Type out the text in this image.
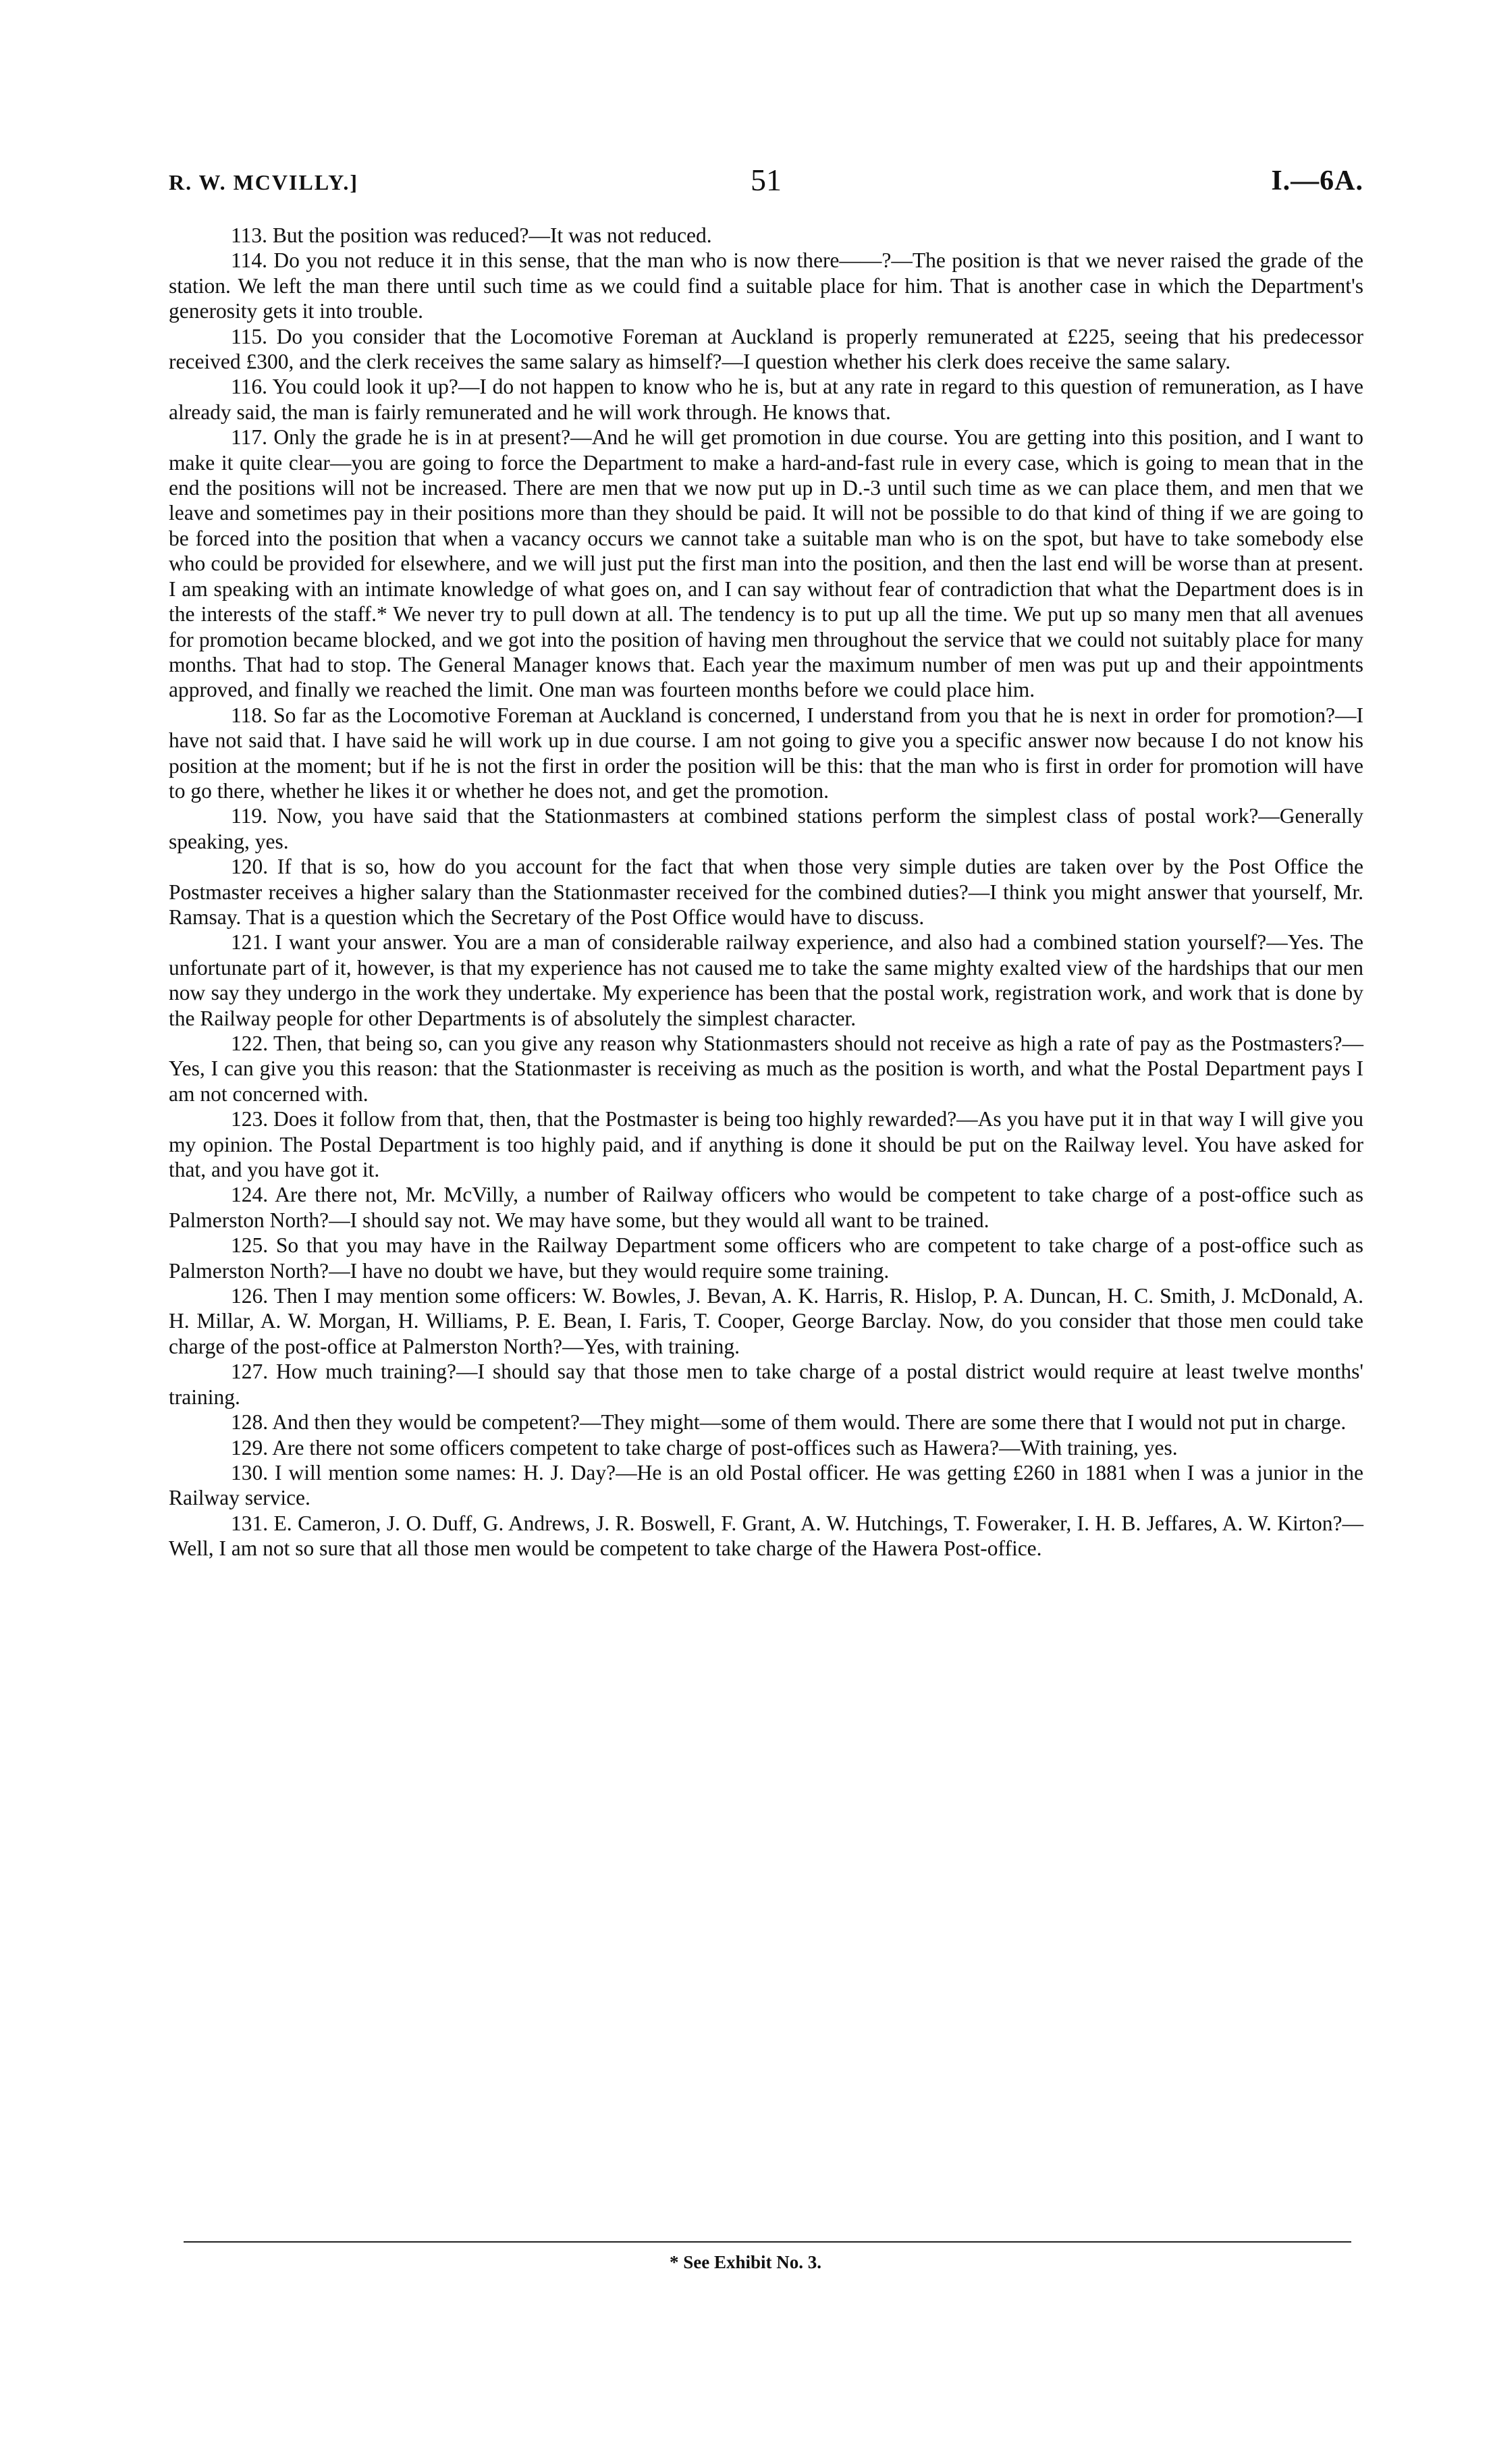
R. W. MCVILLY.]	51	I.—6A.

113. But the position was reduced?—It was not reduced.

114. Do you not reduce it in this sense, that the man who is now there——?—The position is that we never raised the grade of the station. We left the man there until such time as we could find a suitable place for him. That is another case in which the Department's generosity gets it into trouble.

115. Do you consider that the Locomotive Foreman at Auckland is properly remunerated at £225, seeing that his predecessor received £300, and the clerk receives the same salary as himself?—I question whether his clerk does receive the same salary.

116. You could look it up?—I do not happen to know who he is, but at any rate in regard to this question of remuneration, as I have already said, the man is fairly remunerated and he will work through. He knows that.

117. Only the grade he is in at present?—And he will get promotion in due course. You are getting into this position, and I want to make it quite clear—you are going to force the Department to make a hard-and-fast rule in every case, which is going to mean that in the end the positions will not be increased. There are men that we now put up in D.-3 until such time as we can place them, and men that we leave and sometimes pay in their positions more than they should be paid. It will not be possible to do that kind of thing if we are going to be forced into the position that when a vacancy occurs we cannot take a suitable man who is on the spot, but have to take somebody else who could be provided for elsewhere, and we will just put the first man into the position, and then the last end will be worse than at present. I am speaking with an intimate knowledge of what goes on, and I can say without fear of contradiction that what the Department does is in the interests of the staff.* We never try to pull down at all. The tendency is to put up all the time. We put up so many men that all avenues for promotion became blocked, and we got into the position of having men throughout the service that we could not suitably place for many months. That had to stop. The General Manager knows that. Each year the maximum number of men was put up and their appointments approved, and finally we reached the limit. One man was fourteen months before we could place him.

118. So far as the Locomotive Foreman at Auckland is concerned, I understand from you that he is next in order for promotion?—I have not said that. I have said he will work up in due course. I am not going to give you a specific answer now because I do not know his position at the moment; but if he is not the first in order the position will be this: that the man who is first in order for promotion will have to go there, whether he likes it or whether he does not, and get the promotion.

119. Now, you have said that the Stationmasters at combined stations perform the simplest class of postal work?—Generally speaking, yes.

120. If that is so, how do you account for the fact that when those very simple duties are taken over by the Post Office the Postmaster receives a higher salary than the Stationmaster received for the combined duties?—I think you might answer that yourself, Mr. Ramsay. That is a question which the Secretary of the Post Office would have to discuss.

121. I want your answer. You are a man of considerable railway experience, and also had a combined station yourself?—Yes. The unfortunate part of it, however, is that my experience has not caused me to take the same mighty exalted view of the hardships that our men now say they undergo in the work they undertake. My experience has been that the postal work, registration work, and work that is done by the Railway people for other Departments is of absolutely the simplest character.

122. Then, that being so, can you give any reason why Stationmasters should not receive as high a rate of pay as the Postmasters?—Yes, I can give you this reason: that the Stationmaster is receiving as much as the position is worth, and what the Postal Department pays I am not concerned with.

123. Does it follow from that, then, that the Postmaster is being too highly rewarded?—As you have put it in that way I will give you my opinion. The Postal Department is too highly paid, and if anything is done it should be put on the Railway level. You have asked for that, and you have got it.

124. Are there not, Mr. McVilly, a number of Railway officers who would be competent to take charge of a post-office such as Palmerston North?—I should say not. We may have some, but they would all want to be trained.

125. So that you may have in the Railway Department some officers who are competent to take charge of a post-office such as Palmerston North?—I have no doubt we have, but they would require some training.

126. Then I may mention some officers: W. Bowles, J. Bevan, A. K. Harris, R. Hislop, P. A. Duncan, H. C. Smith, J. McDonald, A. H. Millar, A. W. Morgan, H. Williams, P. E. Bean, I. Faris, T. Cooper, George Barclay. Now, do you consider that those men could take charge of the post-office at Palmerston North?—Yes, with training.

127. How much training?—I should say that those men to take charge of a postal district would require at least twelve months' training.

128. And then they would be competent?—They might—some of them would. There are some there that I would not put in charge.

129. Are there not some officers competent to take charge of post-offices such as Hawera?—With training, yes.

130. I will mention some names: H. J. Day?—He is an old Postal officer. He was getting £260 in 1881 when I was a junior in the Railway service.

131. E. Cameron, J. O. Duff, G. Andrews, J. R. Boswell, F. Grant, A. W. Hutchings, T. Foweraker, I. H. B. Jeffares, A. W. Kirton?—Well, I am not so sure that all those men would be competent to take charge of the Hawera Post-office.

* See Exhibit No. 3.
